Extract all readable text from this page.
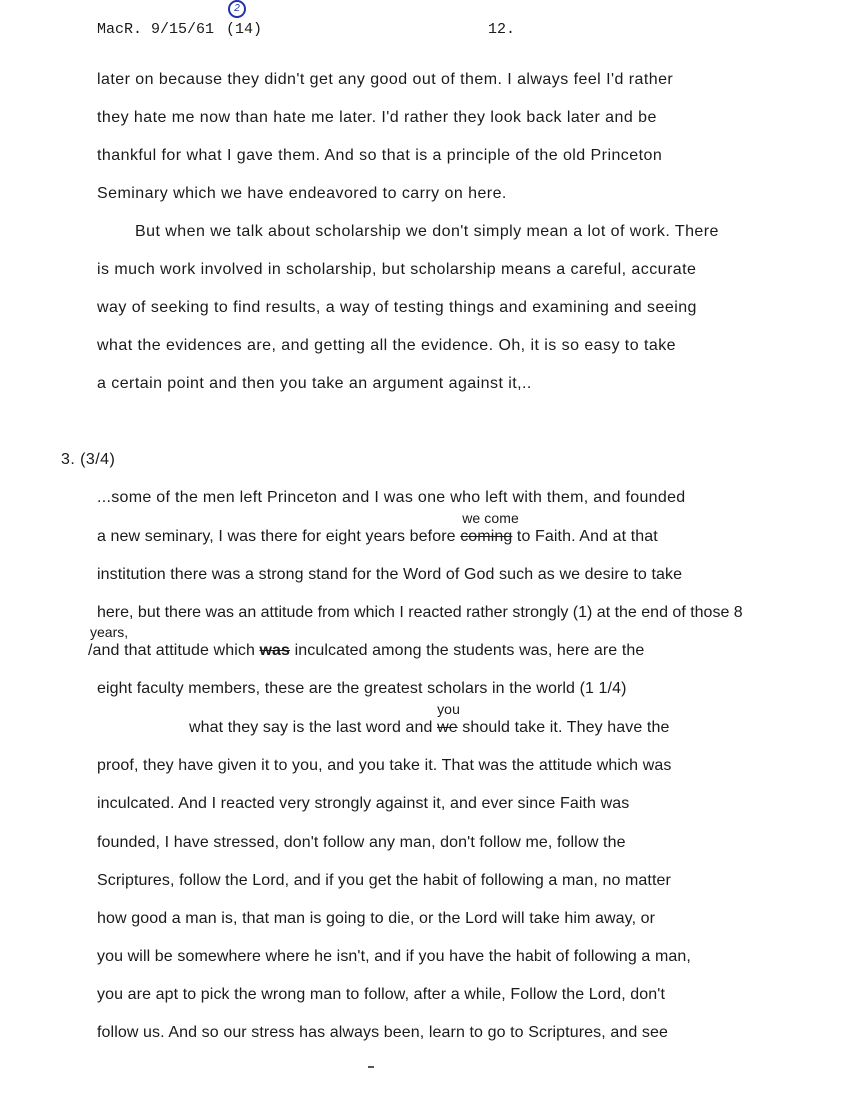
MacR. 9/15/61
2
(14)	12.
later on because they didn't get any good out of them. I always feel I'd rather
they hate me now than hate me later. I'd rather they look back later and be
thankful for what I gave them. And so that is a principle of the old Princeton
Seminary which we have endeavored to carry on here.
But when we talk about scholarship we don't simply mean a lot of work. There
is much work involved in scholarship, but scholarship means a careful, accurate
way of seeking to find results, a way of testing things and examining and seeing
what the evidences are, and getting all the evidence. Oh, it is so easy to take
a certain point and then you take an argument against it,..
3. (3/4)
...some of the men left Princeton and I was one who left with them, and founded
a new seminary, I was there for eight years before
we come
coming to Faith. And at that
institution there was a strong stand for the Word of God such as we desire to take
here, but there was an attitude from which I reacted rather strongly (1) at the end of those 8
years,
/and that attitude which was inculcated among the students was, here are the
eight faculty members, these are the greatest scholars in the world (1 1/4)
what they say is the last word and
you
we should take it. They have the
proof, they have given it to you, and you take it. That was the attitude which was
inculcated. And I reacted very strongly against it, and ever since Faith was
founded, I have stressed, don't follow any man, don't follow me, follow the
Scriptures, follow the Lord, and if you get the habit of following a man, no matter
how good a man is, that man is going to die, or the Lord will take him away, or
you will be somewhere where he isn't, and if you have the habit of following a man,
you are apt to pick the wrong man to follow, after a while, Follow the Lord, don't
follow us. And so our stress has always been, learn to go to Scriptures, and see
